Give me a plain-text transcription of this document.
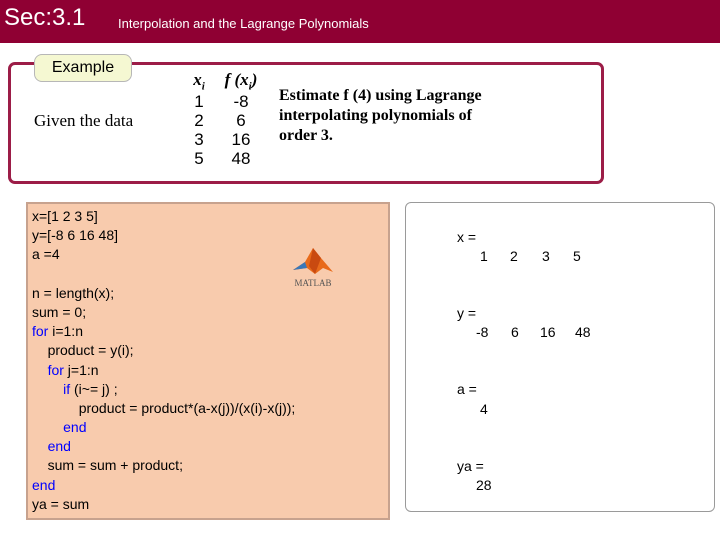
Sec:3.1	Interpolation and the Lagrange Polynomials
Example
Given the data
$x_i$
1
2
3
5
f $(x_i)$
-8
6
16
48
Estimate f (4) using Lagrange
interpolating polynomials of
order 3.
x=[1 2 3 5]
y=[-8 6 16 48]
a =4
n = length(x);
sum = 0;
for i=1:n
product = y(i);
for j=1:n
if (i~= j) ;
product = product*(a-x(j))/(x(i)-x(j));
end
end
sum = sum + product;
end
ya = sum
MATLAB
x =
1 2 3 5
y =
-8 6 16 48
a =
4
ya =
28
